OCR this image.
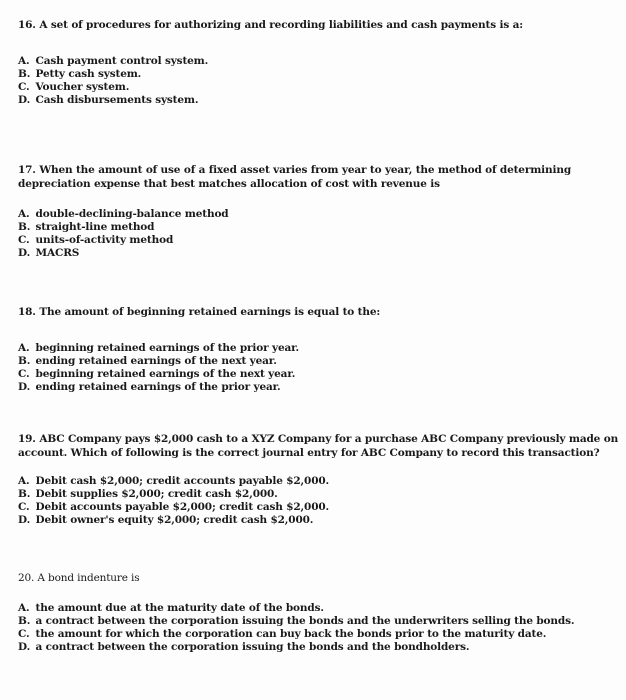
16. A set of procedures for authorizing and recording liabilities and cash payments is a:

A. Cash payment control system.
B. Petty cash system.
C. Voucher system.
D. Cash disbursements system.

17. When the amount of use of a fixed asset varies from year to year, the method of determining depreciation expense that best matches allocation of cost with revenue is

A. double-declining-balance method
B. straight-line method
C. units-of-activity method
D. MACRS

18. The amount of beginning retained earnings is equal to the:

A. beginning retained earnings of the prior year.
B. ending retained earnings of the next year.
C. beginning retained earnings of the next year.
D. ending retained earnings of the prior year.

19. ABC Company pays $2,000 cash to a XYZ Company for a purchase ABC Company previously made on account. Which of following is the correct journal entry for ABC Company to record this transaction?

A. Debit cash $2,000; credit accounts payable $2,000.
B. Debit supplies $2,000; credit cash $2,000.
C. Debit accounts payable $2,000; credit cash $2,000.
D. Debit owner's equity $2,000; credit cash $2,000.

20. A bond indenture is

A. the amount due at the maturity date of the bonds.
B. a contract between the corporation issuing the bonds and the underwriters selling the bonds.
C. the amount for which the corporation can buy back the bonds prior to the maturity date.
D. a contract between the corporation issuing the bonds and the bondholders.
